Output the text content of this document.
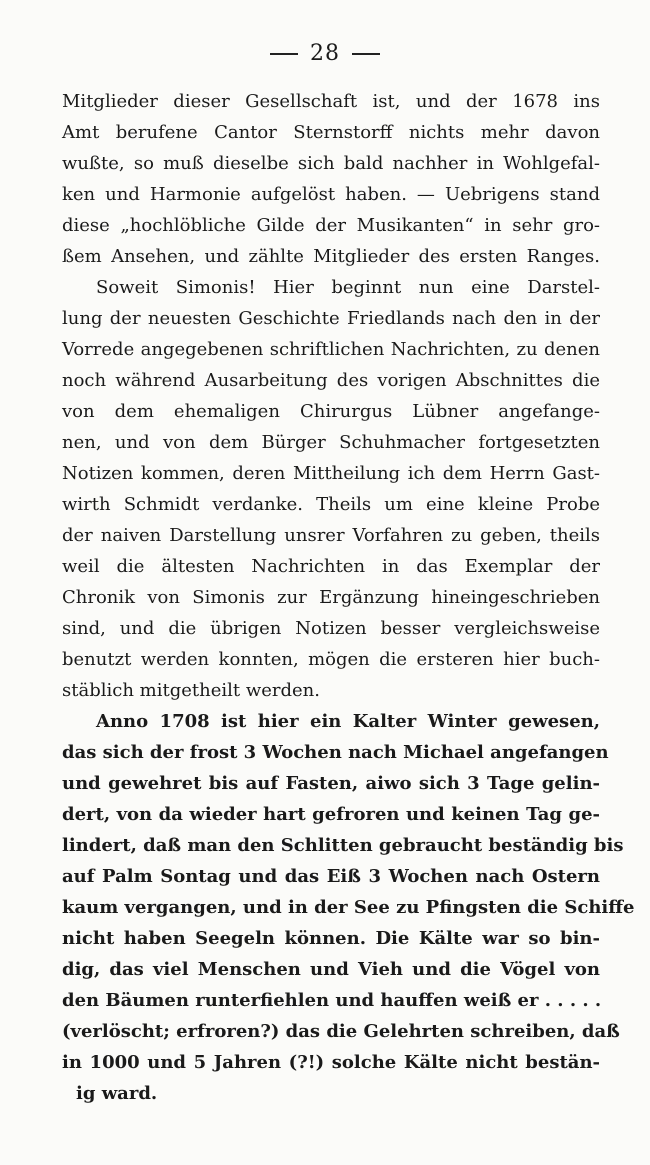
28
Mitglieder dieser Gesellschaft ist, und der 1678 ins
Amt berufene Cantor Sternstorff nichts mehr davon
wußte, so muß dieselbe sich bald nachher in Wohlgefal-
ken und Harmonie aufgelöst haben. — Uebrigens stand
diese „hochlöbliche Gilde der Musikanten“ in sehr gro-
ßem Ansehen, und zählte Mitglieder des ersten Ranges.
Soweit Simonis! Hier beginnt nun eine Darstel-
lung der neuesten Geschichte Friedlands nach den in der
Vorrede angegebenen schriftlichen Nachrichten, zu denen
noch während Ausarbeitung des vorigen Abschnittes die
von dem ehemaligen Chirurgus Lübner angefange-
nen, und von dem Bürger Schuhmacher fortgesetzten
Notizen kommen, deren Mittheilung ich dem Herrn Gast-
wirth Schmidt verdanke. Theils um eine kleine Probe
der naiven Darstellung unsrer Vorfahren zu geben, theils
weil die ältesten Nachrichten in das Exemplar der
Chronik von Simonis zur Ergänzung hineingeschrieben
sind, und die übrigen Notizen besser vergleichsweise
benutzt werden konnten, mögen die ersteren hier buch-
stäblich mitgetheilt werden.
Anno 1708 ist hier ein Kalter Winter gewesen,
das sich der frost 3 Wochen nach Michael angefangen
und gewehret bis auf Fasten, aiwo sich 3 Tage gelin-
dert, von da wieder hart gefroren und keinen Tag ge-
lindert, daß man den Schlitten gebraucht beständig bis
auf Palm Sontag und das Eiß 3 Wochen nach Ostern
kaum vergangen, und in der See zu Pfingsten die Schiffe
nicht haben Seegeln können. Die Kälte war so bin-
dig, das viel Menschen und Vieh und die Vögel von
den Bäumen runterfiehlen und hauffen weiß er . . . . .
(verlöscht; erfroren?) das die Gelehrten schreiben, daß
in 1000 und 5 Jahren (?!) solche Kälte nicht bestän-
ig ward.
